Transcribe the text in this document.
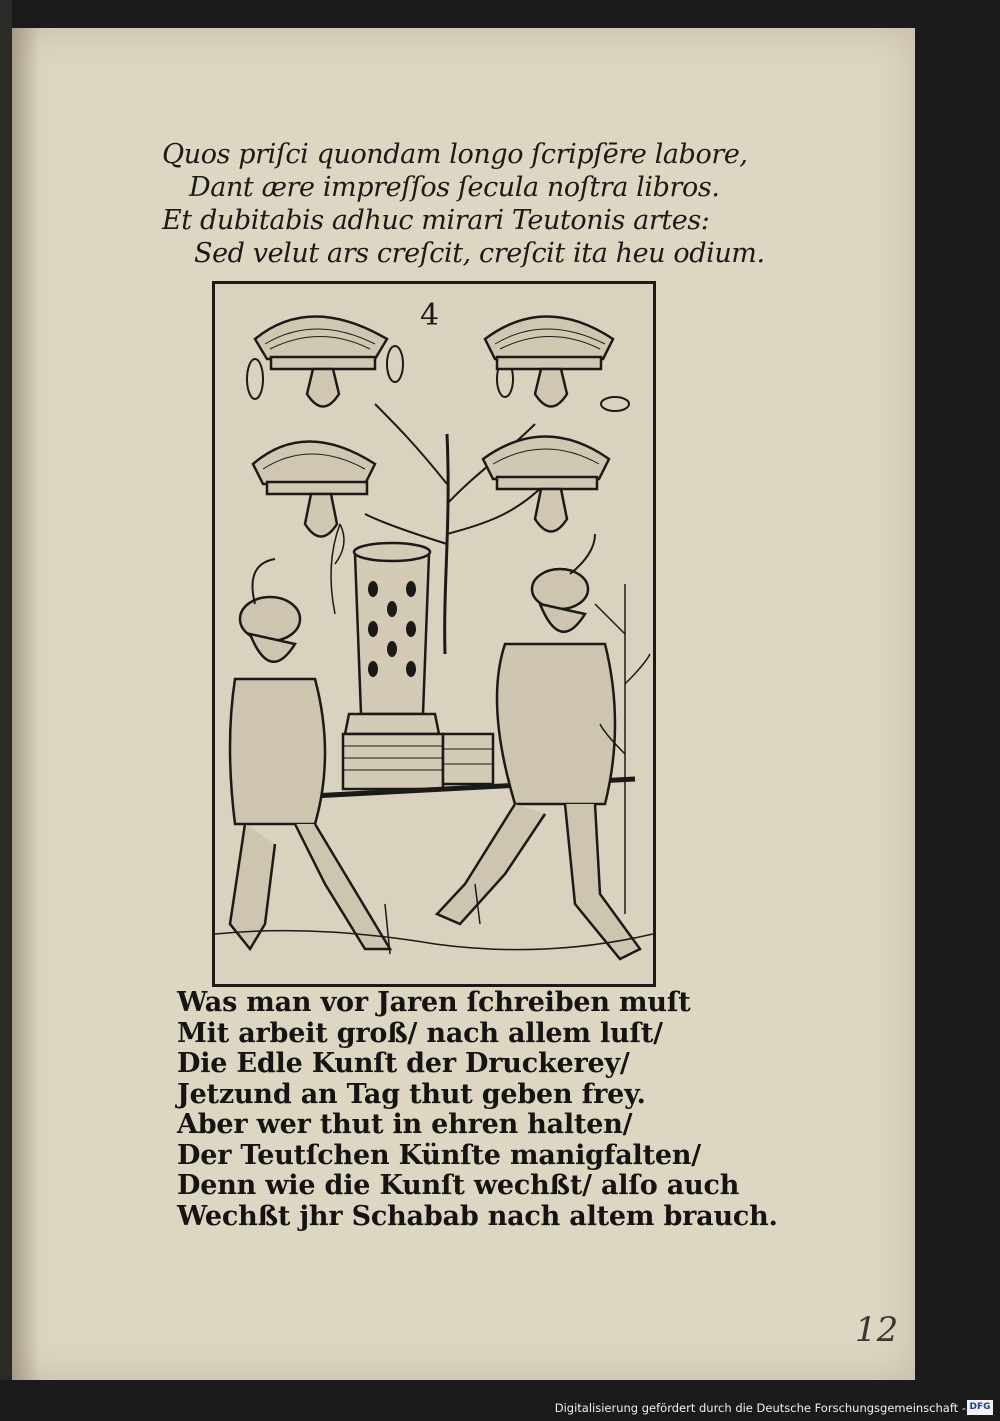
Quos priſci quondam longo ſcripſēre labore,
Dant ære impreſſos ſecula noſtra libros.
Et dubitabis adhuc mirari Teutonis artes:
Sed velut ars creſcit, creſcit ita heu odium.
4
Was man vor Jaren ſchreiben muſt
Mit arbeit groß/ nach allem luſt/
Die Edle Kunſt der Druckerey/
Jetzund an Tag thut geben frey.
Aber wer thut in ehren halten/
Der Teutſchen Künſte manigfalten/
Denn wie die Kunſt wechßt/ alſo auch
Wechßt jhr Schabab nach altem brauch.
12
Digitalisierung gefördert durch die Deutsche Forschungsgemeinschaft - DFG
